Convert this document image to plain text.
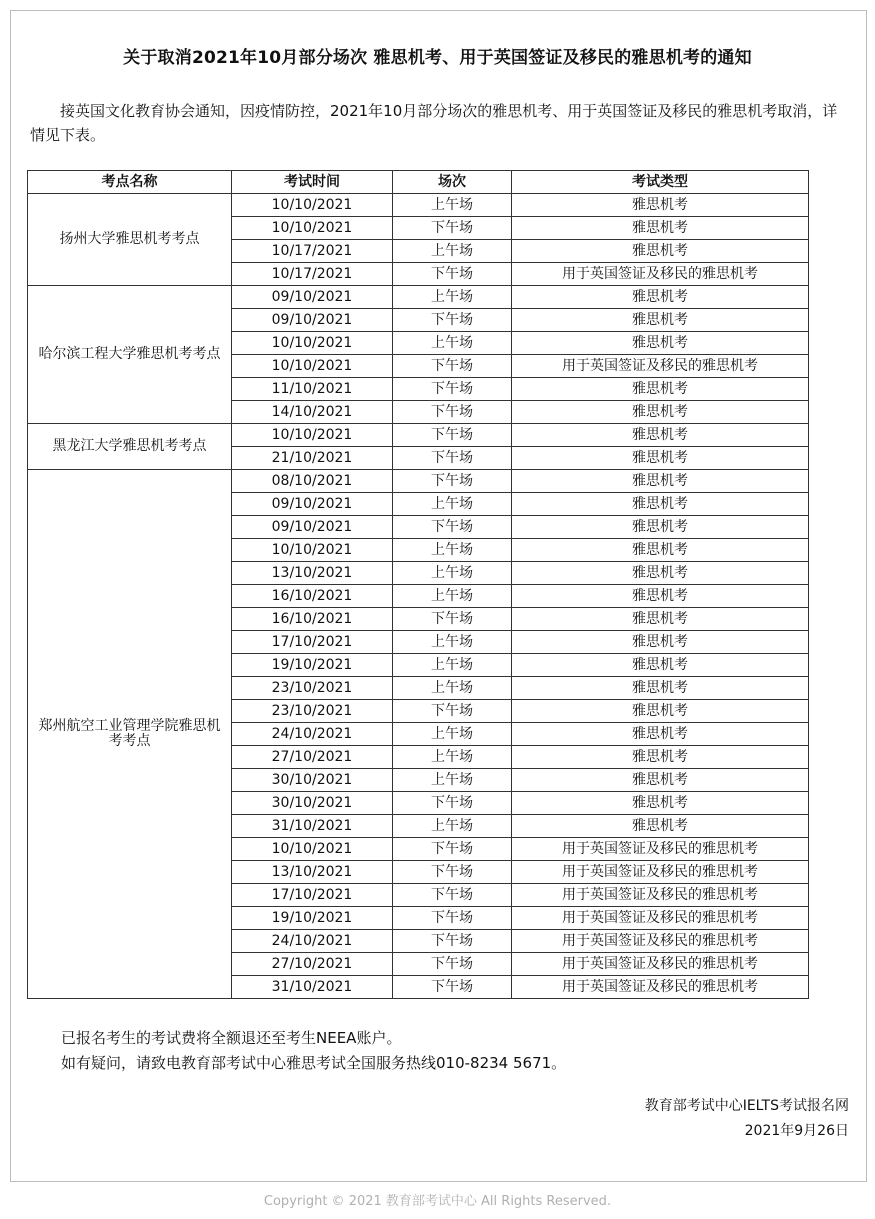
关于取消2021年10月部分场次 雅思机考、用于英国签证及移民的雅思机考的通知
接英国文化教育协会通知，因疫情防控，2021年10月部分场次的雅思机考、用于英国签证及移民的雅思机考取消，详情见下表。
考点名称	考试时间	场次	考试类型
扬州大学雅思机考考点	10/10/2021	上午场	雅思机考
	10/10/2021	下午场	雅思机考
	10/17/2021	上午场	雅思机考
	10/17/2021	下午场	用于英国签证及移民的雅思机考
哈尔滨工程大学雅思机考考点	09/10/2021	上午场	雅思机考
	09/10/2021	下午场	雅思机考
	10/10/2021	上午场	雅思机考
	10/10/2021	下午场	用于英国签证及移民的雅思机考
	11/10/2021	下午场	雅思机考
	14/10/2021	下午场	雅思机考
黑龙江大学雅思机考考点	10/10/2021	下午场	雅思机考
	21/10/2021	下午场	雅思机考
郑州航空工业管理学院雅思机考考点	08/10/2021	下午场	雅思机考
	09/10/2021	上午场	雅思机考
	09/10/2021	下午场	雅思机考
	10/10/2021	上午场	雅思机考
	13/10/2021	上午场	雅思机考
	16/10/2021	上午场	雅思机考
	16/10/2021	下午场	雅思机考
	17/10/2021	上午场	雅思机考
	19/10/2021	上午场	雅思机考
	23/10/2021	上午场	雅思机考
	23/10/2021	下午场	雅思机考
	24/10/2021	上午场	雅思机考
	27/10/2021	上午场	雅思机考
	30/10/2021	上午场	雅思机考
	30/10/2021	下午场	雅思机考
	31/10/2021	上午场	雅思机考
	10/10/2021	下午场	用于英国签证及移民的雅思机考
	13/10/2021	下午场	用于英国签证及移民的雅思机考
	17/10/2021	下午场	用于英国签证及移民的雅思机考
	19/10/2021	下午场	用于英国签证及移民的雅思机考
	24/10/2021	下午场	用于英国签证及移民的雅思机考
	27/10/2021	下午场	用于英国签证及移民的雅思机考
	31/10/2021	下午场	用于英国签证及移民的雅思机考
已报名考生的考试费将全额退还至考生NEEA账户。
如有疑问，请致电教育部考试中心雅思考试全国服务热线010-8234 5671。
教育部考试中心IELTS考试报名网
2021年9月26日
Copyright © 2021 教育部考试中心 All Rights Reserved.
